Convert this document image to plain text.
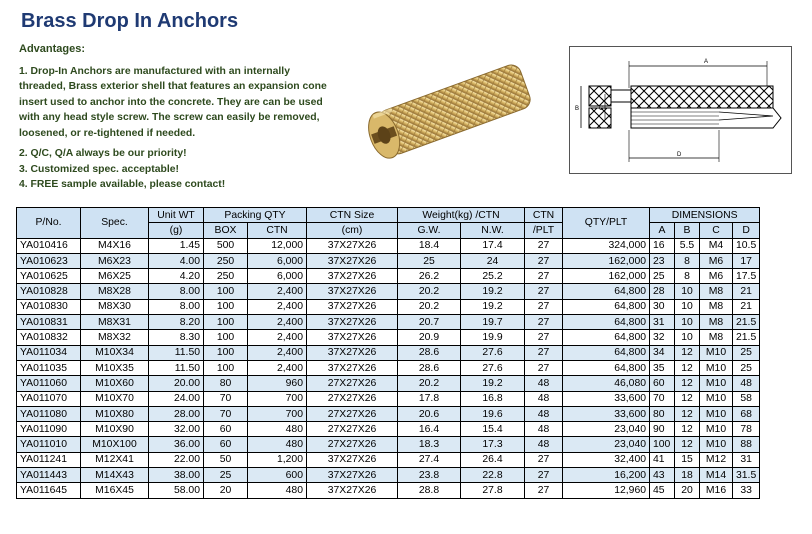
Brass Drop In Anchors
Advantages:
1. Drop-In Anchors are manufactured with an internally threaded, Brass exterior shell that features an expansion cone insert used to anchor into the concrete. They are can be used with any head style screw. The screw can easily be removed, loosened, or re-tightened if needed.
2. Q/C, Q/A always be our priority!
3. Customized spec. acceptable!
4. FREE sample available, please contact!
A
B	C
D
P/No.	Spec.	Unit WT	Packing QTY		CTN Size	Weight(kg) /CTN		CTN	QTY/PLT	DIMENSIONS			
		(g)	BOX	CTN	(cm)	G.W.	N.W.	/PLT		A	B	C	D
YA010416	M4X16	1.45	500	12,000	37X27X26	18.4	17.4	27	324,000	16	5.5	M4	10.5
YA010623	M6X23	4.00	250	6,000	37X27X26	25	24	27	162,000	23	8	M6	17
YA010625	M6X25	4.20	250	6,000	37X27X26	26.2	25.2	27	162,000	25	8	M6	17.5
YA010828	M8X28	8.00	100	2,400	37X27X26	20.2	19.2	27	64,800	28	10	M8	21
YA010830	M8X30	8.00	100	2,400	37X27X26	20.2	19.2	27	64,800	30	10	M8	21
YA010831	M8X31	8.20	100	2,400	37X27X26	20.7	19.7	27	64,800	31	10	M8	21.5
YA010832	M8X32	8.30	100	2,400	37X27X26	20.9	19.9	27	64,800	32	10	M8	21.5
YA011034	M10X34	11.50	100	2,400	37X27X26	28.6	27.6	27	64,800	34	12	M10	25
YA011035	M10X35	11.50	100	2,400	37X27X26	28.6	27.6	27	64,800	35	12	M10	25
YA011060	M10X60	20.00	80	960	27X27X26	20.2	19.2	48	46,080	60	12	M10	48
YA011070	M10X70	24.00	70	700	27X27X26	17.8	16.8	48	33,600	70	12	M10	58
YA011080	M10X80	28.00	70	700	27X27X26	20.6	19.6	48	33,600	80	12	M10	68
YA011090	M10X90	32.00	60	480	27X27X26	16.4	15.4	48	23,040	90	12	M10	78
YA011010	M10X100	36.00	60	480	27X27X26	18.3	17.3	48	23,040	100	12	M10	88
YA011241	M12X41	22.00	50	1,200	37X27X26	27.4	26.4	27	32,400	41	15	M12	31
YA011443	M14X43	38.00	25	600	37X27X26	23.8	22.8	27	16,200	43	18	M14	31.5
YA011645	M16X45	58.00	20	480	37X27X26	28.8	27.8	27	12,960	45	20	M16	33
